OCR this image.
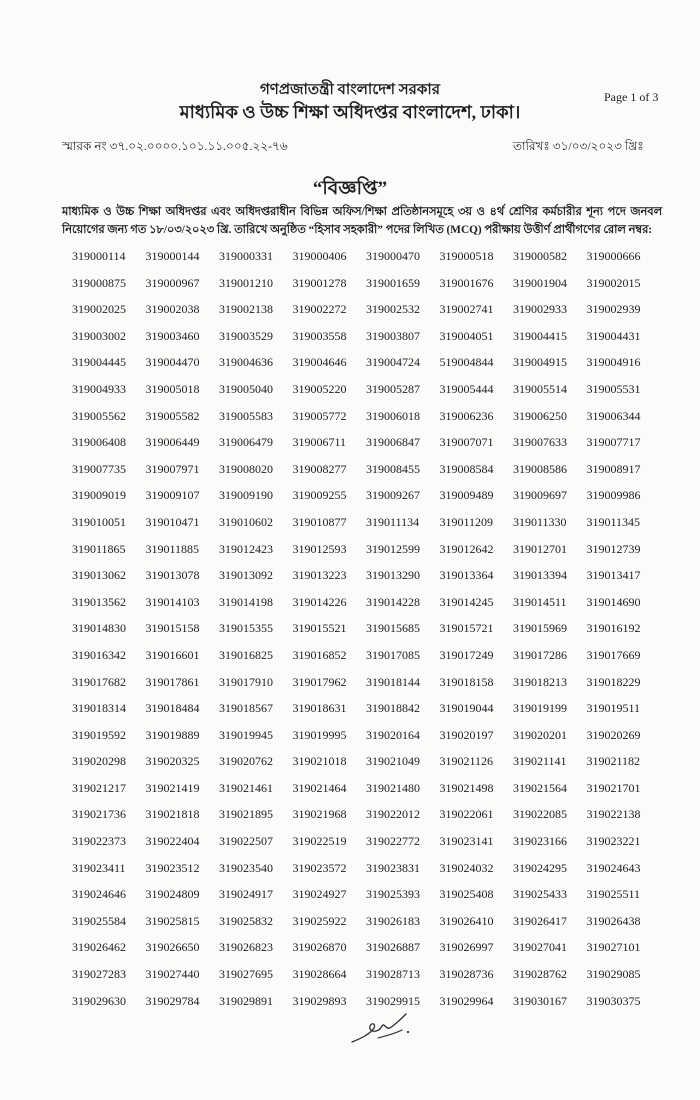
গণপ্রজাতন্ত্রী বাংলাদেশ সরকার
মাধ্যমিক ও উচ্চ শিক্ষা অধিদপ্তর বাংলাদেশ, ঢাকা।
Page 1 of 3
স্মারক নং ৩৭.০২.০০০০.১০১.১১.০০৫.২২-৭৬	তারিখঃ ৩১/০৩/২০২৩ খ্রিঃ
“বিজ্ঞপ্তি”
মাধ্যমিক ও উচ্চ শিক্ষা অধিদপ্তর এবং অধিদপ্তরাধীন বিভিন্ন অফিস/শিক্ষা প্রতিষ্ঠানসমূহে ৩য় ও ৪র্থ শ্রেণির কর্মচারীর শূন্য পদে জনবল নিয়োগের জন্য গত ১৮/০৩/২০২৩ খ্রি. তারিখে অনুষ্ঠিত “হিসাব সহকারী” পদের লিখিত (MCQ) পরীক্ষায় উত্তীর্ণ প্রার্থীগণের রোল নম্বর:
319000114	319000144	319000331	319000406	319000470	319000518	319000582	319000666
319000875	319000967	319001210	319001278	319001659	319001676	319001904	319002015
319002025	319002038	319002138	319002272	319002532	319002741	319002933	319002939
319003002	319003460	319003529	319003558	319003807	319004051	319004415	319004431
319004445	319004470	319004636	319004646	319004724	519004844	319004915	319004916
319004933	319005018	319005040	319005220	319005287	319005444	319005514	319005531
319005562	319005582	319005583	319005772	319006018	319006236	319006250	319006344
319006408	319006449	319006479	319006711	319006847	319007071	319007633	319007717
319007735	319007971	319008020	319008277	319008455	319008584	319008586	319008917
319009019	319009107	319009190	319009255	319009267	319009489	319009697	319009986
319010051	319010471	319010602	319010877	319011134	319011209	319011330	319011345
319011865	319011885	319012423	319012593	319012599	319012642	319012701	319012739
319013062	319013078	319013092	319013223	319013290	319013364	319013394	319013417
319013562	319014103	319014198	319014226	319014228	319014245	319014511	319014690
319014830	319015158	319015355	319015521	319015685	319015721	319015969	319016192
319016342	319016601	319016825	319016852	319017085	319017249	319017286	319017669
319017682	319017861	319017910	319017962	319018144	319018158	319018213	319018229
319018314	319018484	319018567	319018631	319018842	319019044	319019199	319019511
319019592	319019889	319019945	319019995	319020164	319020197	319020201	319020269
319020298	319020325	319020762	319021018	319021049	319021126	319021141	319021182
319021217	319021419	319021461	319021464	319021480	319021498	319021564	319021701
319021736	319021818	319021895	319021968	319022012	319022061	319022085	319022138
319022373	319022404	319022507	319022519	319022772	319023141	319023166	319023221
319023411	319023512	319023540	319023572	319023831	319024032	319024295	319024643
319024646	319024809	319024917	319024927	319025393	319025408	319025433	319025511
319025584	319025815	319025832	319025922	319026183	319026410	319026417	319026438
319026462	319026650	319026823	319026870	319026887	319026997	319027041	319027101
319027283	319027440	319027695	319028664	319028713	319028736	319028762	319029085
319029630	319029784	319029891	319029893	319029915	319029964	319030167	319030375
